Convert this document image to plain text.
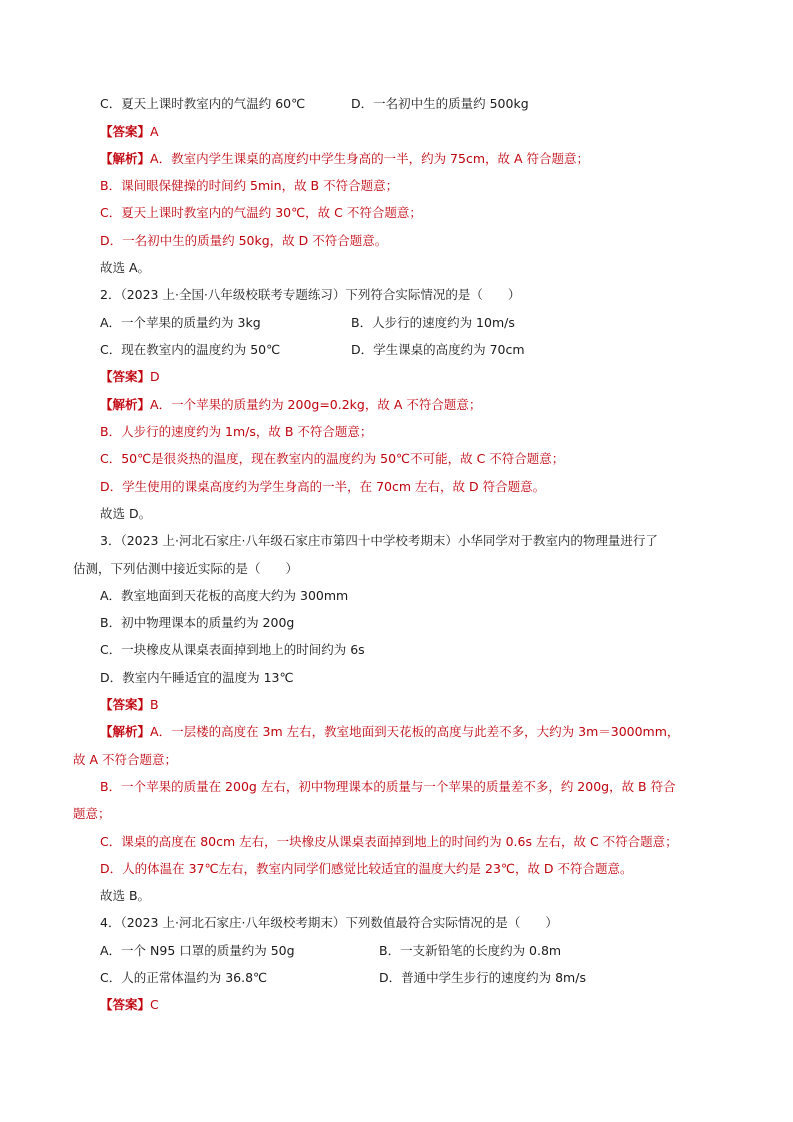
C．夏天上课时教室内的气温约 60℃	D．一名初中生的质量约 500kg
【答案】A
【解析】A．教室内学生课桌的高度约中学生身高的一半，约为 75cm，故 A 符合题意；
B．课间眼保健操的时间约 5min，故 B 不符合题意；
C．夏天上课时教室内的气温约 30℃，故 C 不符合题意；
D．一名初中生的质量约 50kg，故 D 不符合题意。
故选 A。
2．（2023 上·全国·八年级校联考专题练习）下列符合实际情况的是（　　）
A．一个苹果的质量约为 3kg	B．人步行的速度约为 10m/s
C．现在教室内的温度约为 50℃	D．学生课桌的高度约为 70cm
【答案】D
【解析】A．一个苹果的质量约为 200g=0.2kg，故 A 不符合题意；
B．人步行的速度约为 1m/s，故 B 不符合题意；
C．50℃是很炎热的温度，现在教室内的温度约为 50℃不可能，故 C 不符合题意；
D．学生使用的课桌高度约为学生身高的一半，在 70cm 左右，故 D 符合题意。
故选 D。
3．（2023 上·河北石家庄·八年级石家庄市第四十中学校考期末）小华同学对于教室内的物理量进行了
估测，下列估测中接近实际的是（　　）
A．教室地面到天花板的高度大约为 300mm
B．初中物理课本的质量约为 200g
C．一块橡皮从课桌表面掉到地上的时间约为 6s
D．教室内午睡适宜的温度为 13℃
【答案】B
【解析】A．一层楼的高度在 3m 左右，教室地面到天花板的高度与此差不多，大约为 3m＝3000mm，
故 A 不符合题意；
B．一个苹果的质量在 200g 左右，初中物理课本的质量与一个苹果的质量差不多，约 200g，故 B 符合
题意；
C．课桌的高度在 80cm 左右，一块橡皮从课桌表面掉到地上的时间约为 0.6s 左右，故 C 不符合题意；
D．人的体温在 37℃左右，教室内同学们感觉比较适宜的温度大约是 23℃，故 D 不符合题意。
故选 B。
4．（2023 上·河北石家庄·八年级校考期末）下列数值最符合实际情况的是（　　）
A．一个 N95 口罩的质量约为 50g	B．一支新铅笔的长度约为 0.8m
C．人的正常体温约为 36.8℃	D．普通中学生步行的速度约为 8m/s
【答案】C
